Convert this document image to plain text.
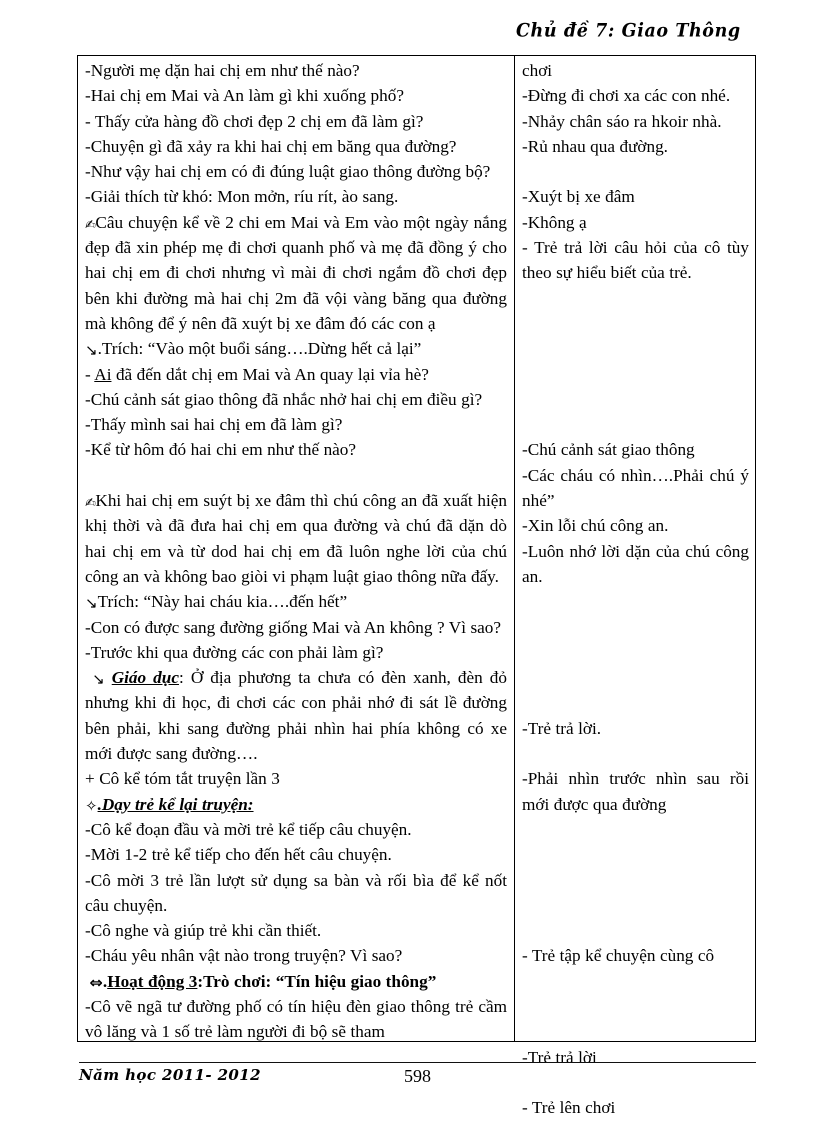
Chủ đề 7: Giao Thông

-Người mẹ dặn hai chị em như thế nào?

-Hai chị em Mai và An làm gì khi xuống phố?

- Thấy cửa hàng đồ chơi đẹp 2 chị em đã làm gì?

-Chuyện gì đã xảy ra khi hai chị em băng qua đường?

-Như vậy hai chị em có đi đúng luật giao thông đường bộ?

-Giải thích từ khó: Mon mởn, ríu rít, ào sang.

✍Câu chuyện kể về 2 chi em Mai và Em vào một ngày nắng đẹp đã xin phép mẹ đi chơi quanh phố và mẹ đã đồng ý cho hai chị em đi chơi nhưng vì mài đi chơi ngắm đồ chơi đẹp bên khi đường mà hai chị 2m đã vội vàng băng qua đường mà không để ý nên đã xuýt bị xe đâm đó các con ạ

↘.Trích: “Vào một buổi sáng….Dừng hết cả lại”

- Ai đã đến dắt chị em Mai và An quay lại vỉa hè?

-Chú cảnh sát giao thông đã nhắc nhở hai chị em điều gì?

-Thấy mình sai hai chị em đã làm gì?

-Kể từ hôm đó hai chi em như thế nào?

✍Khi hai chị em suýt bị xe đâm thì chú công an đã xuất hiện khị thời và đã đưa hai chị em qua đường và chú đã dặn dò hai chị em và từ dod hai chị em đã luôn nghe lời của chú công an và không bao giòi vi phạm luật giao thông nữa đấy.

↘Trích: “Này hai cháu kia….đến hết”

-Con có được sang đường giống Mai và An không ? Vì sao?

-Trước khi qua đường các con phải làm gì?

↘ Giáo dục: Ở địa phương ta chưa có đèn xanh, đèn đỏ nhưng khi đi học, đi chơi các con phải nhớ đi sát lề đường bên phải, khi sang đường phải nhìn hai phía không có xe mới được sang đường….

+ Cô kể tóm tắt truyện lần 3

✧.Dạy trẻ kể lại truyện:

-Cô kể đoạn đầu và mời trẻ kể tiếp câu chuyện.

-Mời 1-2 trẻ kể tiếp cho đến hết câu chuyện.

-Cô mời 3 trẻ lần lượt sử dụng sa bàn và rối bìa để kể nốt câu chuyện.

-Cô nghe và giúp trẻ khi cần thiết.

-Cháu yêu nhân vật nào trong truyện? Vì sao?

⇔.Hoạt động 3:Trò chơi: “Tín hiệu giao thông”

-Cô vẽ ngã tư đường phố có tín hiệu đèn giao thông trẻ cầm vô lăng và 1 số trẻ làm người đi bộ sẽ tham

chơi

-Đừng đi chơi xa các con nhé.

-Nhảy chân sáo ra hkoir nhà.

-Rủ nhau qua đường.

-Xuýt bị xe đâm

-Không ạ

- Trẻ trả lời câu hỏi của cô tùy theo sự hiểu biết của trẻ.

-Chú cảnh sát giao thông

-Các cháu có nhìn….Phải chú ý nhé”

-Xin lỗi chú công an.

-Luôn nhớ lời dặn của chú công an.

-Trẻ trả lời.

-Phải nhìn trước nhìn sau rồi mới được qua đường

- Trẻ tập kể chuyện cùng cô

-Trẻ trả lời

- Trẻ lên chơi

Năm học 2011- 2012	598
